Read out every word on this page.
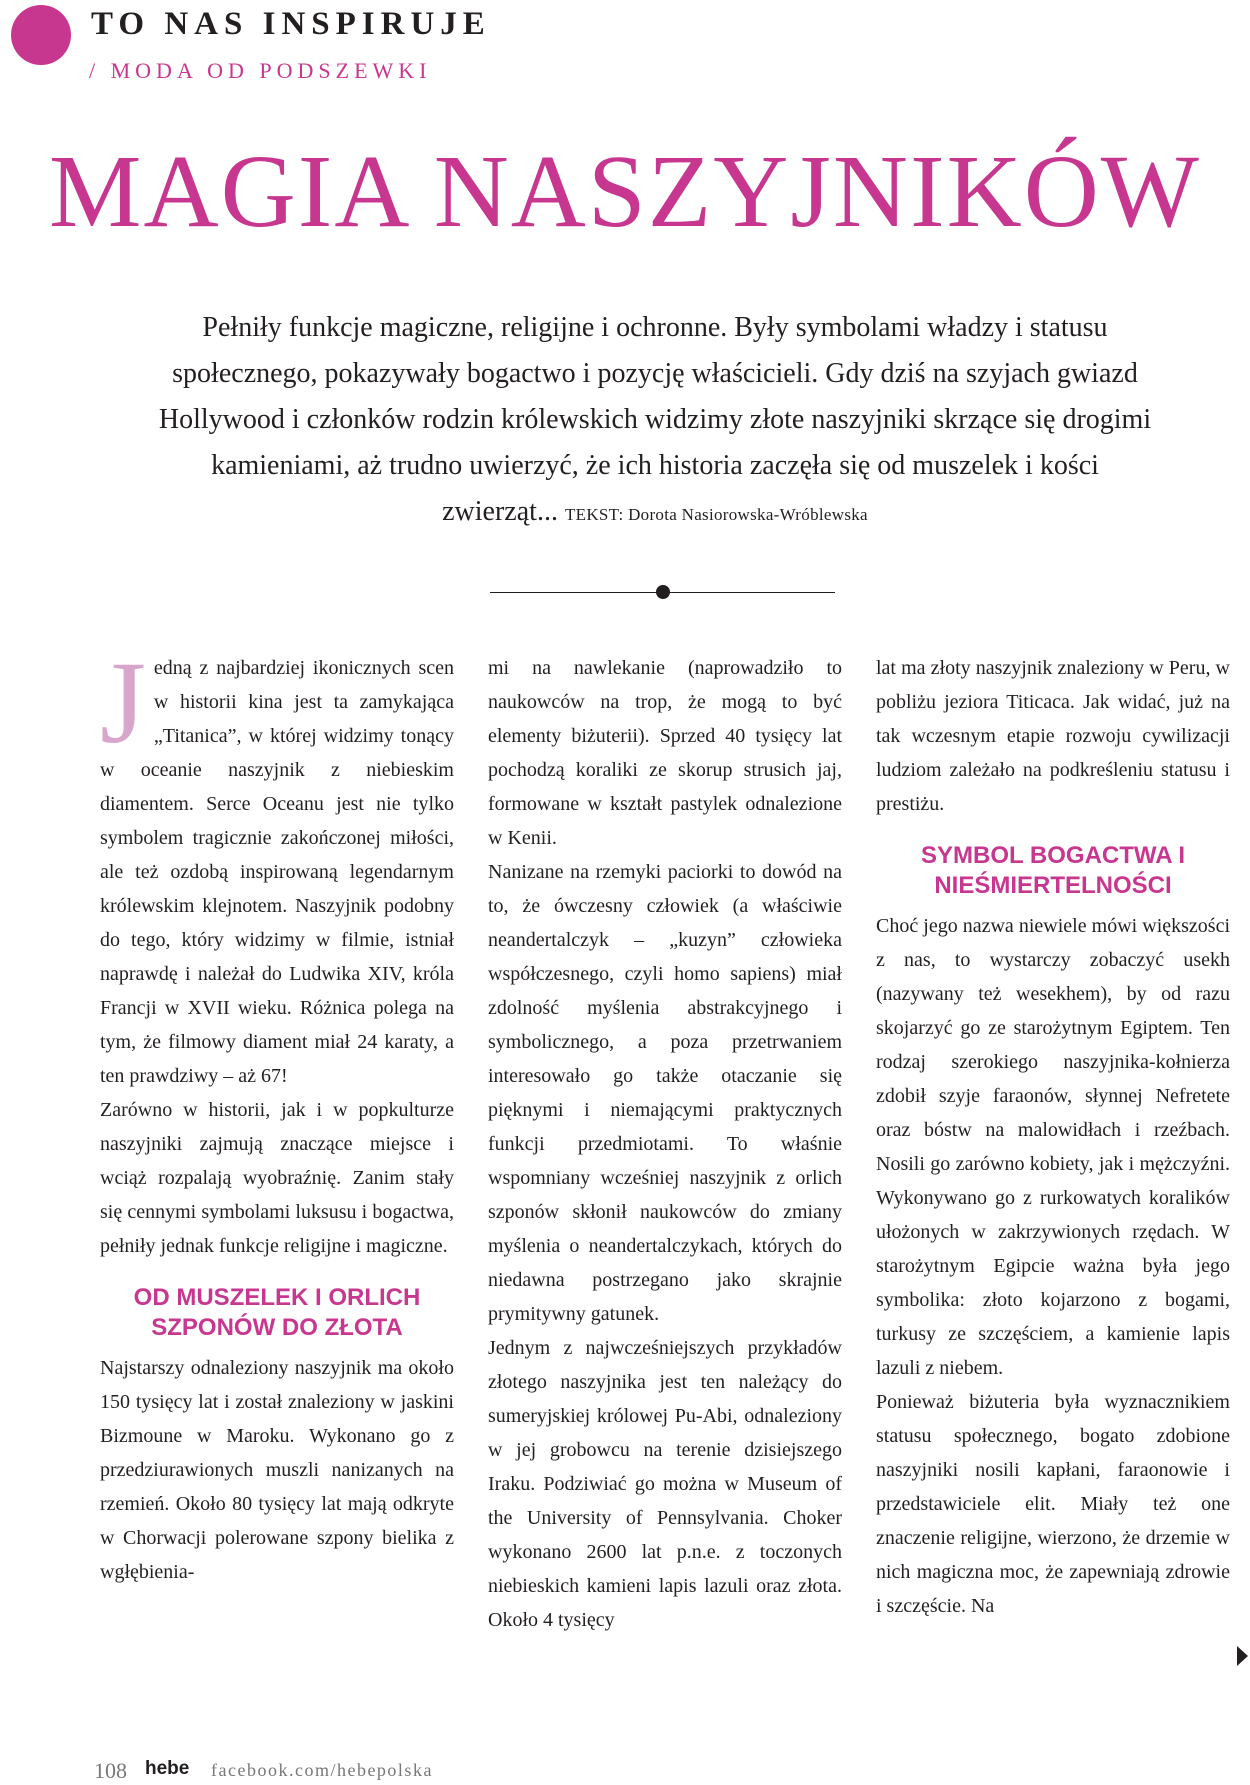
TO NAS INSPIRUJE
/ MODA OD PODSZEWKI
MAGIA NASZYJNIKÓW

Pełniły funkcje magiczne, religijne i ochronne. Były symbolami władzy i statusu społecznego, pokazywały bogactwo i pozycję właścicieli. Gdy dziś na szyjach gwiazd Hollywood i członków rodzin królewskich widzimy złote naszyjniki skrzące się drogimi kamieniami, aż trudno uwierzyć, że ich historia zaczęła się od muszelek i kości zwierząt... TEKST: Dorota Nasiorowska-Wróblewska

Jedną z najbardziej ikonicznych scen w historii kina jest ta zamykająca „Titanica”, w której widzimy tonący w oceanie naszyjnik z niebieskim diamentem. Serce Oceanu jest nie tylko symbolem tragicznie zakończonej miłości, ale też ozdobą inspirowaną legendarnym królewskim klejnotem. Naszyjnik podobny do tego, który widzimy w filmie, istniał naprawdę i należał do Ludwika XIV, króla Francji w XVII wieku. Różnica polega na tym, że filmowy diament miał 24 karaty, a ten prawdziwy – aż 67!

Zarówno w historii, jak i w popkulturze naszyjniki zajmują znaczące miejsce i wciąż rozpalają wyobraźnię. Zanim stały się cennymi symbolami luksusu i bogactwa, pełniły jednak funkcje religijne i magiczne.

OD MUSZELEK I ORLICH SZPONÓW DO ZŁOTA

Najstarszy odnaleziony naszyjnik ma około 150 tysięcy lat i został znaleziony w jaskini Bizmoune w Maroku. Wykonano go z przedziurawionych muszli nanizanych na rzemień. Około 80 tysięcy lat mają odkryte w Chorwacji polerowane szpony bielika z wgłębienia-

mi na nawlekanie (naprowadziło to naukowców na trop, że mogą to być elementy biżuterii). Sprzed 40 tysięcy lat pochodzą koraliki ze skorup strusich jaj, formowane w kształt pastylek odnalezione w Kenii.

Nanizane na rzemyki paciorki to dowód na to, że ówczesny człowiek (a właściwie neandertalczyk – „kuzyn” człowieka współczesnego, czyli homo sapiens) miał zdolność myślenia abstrakcyjnego i symbolicznego, a poza przetrwaniem interesowało go także otaczanie się pięknymi i niemającymi praktycznych funkcji przedmiotami. To właśnie wspomniany wcześniej naszyjnik z orlich szponów skłonił naukowców do zmiany myślenia o neandertalczykach, których do niedawna postrzegano jako skrajnie prymitywny gatunek.

Jednym z najwcześniejszych przykładów złotego naszyjnika jest ten należący do sumeryjskiej królowej Pu-Abi, odnaleziony w jej grobowcu na terenie dzisiejszego Iraku. Podziwiać go można w Museum of the University of Pennsylvania. Choker wykonano 2600 lat p.n.e. z toczonych niebieskich kamieni lapis lazuli oraz złota. Około 4 tysięcy

lat ma złoty naszyjnik znaleziony w Peru, w pobliżu jeziora Titicaca. Jak widać, już na tak wczesnym etapie rozwoju cywilizacji ludziom zależało na podkreśleniu statusu i prestiżu.

SYMBOL BOGACTWA I NIEŚMIERTELNOŚCI

Choć jego nazwa niewiele mówi większości z nas, to wystarczy zobaczyć usekh (nazywany też wesekhem), by od razu skojarzyć go ze starożytnym Egiptem. Ten rodzaj szerokiego naszyjnika-kołnierza zdobił szyje faraonów, słynnej Nefretete oraz bóstw na malowidłach i rzeźbach. Nosili go zarówno kobiety, jak i mężczyźni. Wykonywano go z rurkowatych koralików ułożonych w zakrzywionych rzędach. W starożytnym Egipcie ważna była jego symbolika: złoto kojarzono z bogami, turkusy ze szczęściem, a kamienie lapis lazuli z niebem.

Ponieważ biżuteria była wyznacznikiem statusu społecznego, bogato zdobione naszyjniki nosili kapłani, faraonowie i przedstawiciele elit. Miały też one znaczenie religijne, wierzono, że drzemie w nich magiczna moc, że zapewniają zdrowie i szczęście. Na

108 hebe facebook.com/hebepolska
